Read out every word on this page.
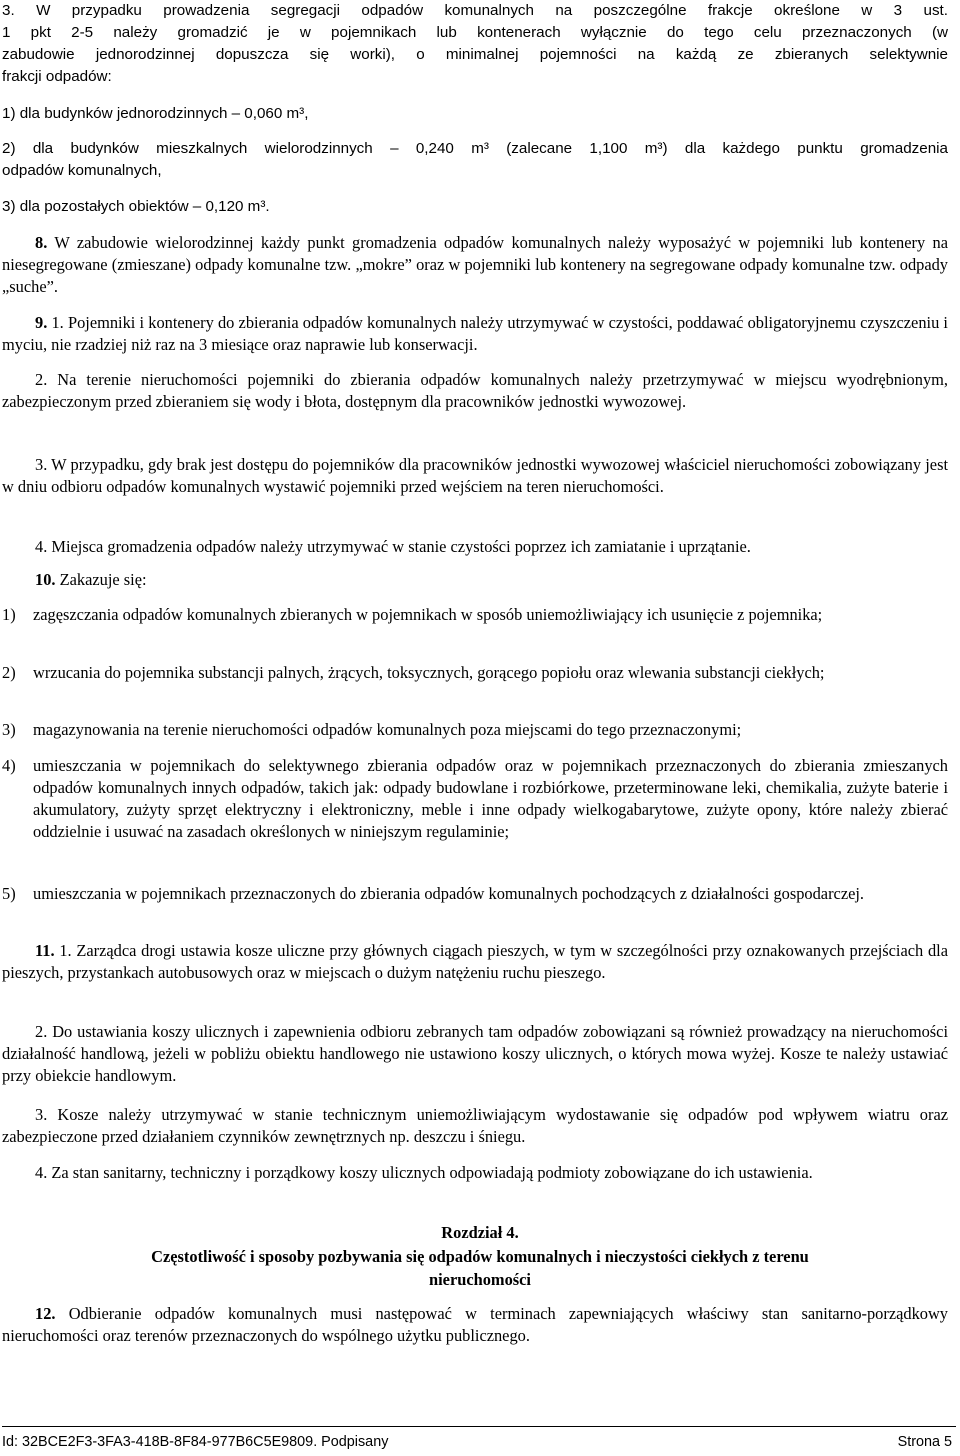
3. W przypadku prowadzenia segregacji odpadów komunalnych na poszczególne frakcje określone w 3 ust.
1 pkt 2-5 należy gromadzić je w pojemnikach lub kontenerach wyłącznie do tego celu przeznaczonych (w
zabudowie jednorodzinnej dopuszcza się worki), o minimalnej pojemności na każdą ze zbieranych selektywnie
frakcji odpadów:
1) dla budynków jednorodzinnych – 0,060 m³,
2) dla budynków mieszkalnych wielorodzinnych – 0,240 m³ (zalecane 1,100 m³) dla każdego punktu gromadzenia
odpadów komunalnych,
3) dla pozostałych obiektów – 0,120 m³.
8. W zabudowie wielorodzinnej każdy punkt gromadzenia odpadów komunalnych należy wyposażyć w pojemniki lub kontenery na niesegregowane (zmieszane) odpady komunalne tzw. „mokre” oraz w pojemniki lub kontenery na segregowane odpady komunalne tzw. odpady „suche”.
9. 1. Pojemniki i kontenery do zbierania odpadów komunalnych należy utrzymywać w czystości, poddawać obligatoryjnemu czyszczeniu i myciu, nie rzadziej niż raz na 3 miesiące oraz naprawie lub konserwacji.
2. Na terenie nieruchomości pojemniki do zbierania odpadów komunalnych należy przetrzymywać w miejscu wyodrębnionym, zabezpieczonym przed zbieraniem się wody i błota, dostępnym dla pracowników jednostki wywozowej.
3. W przypadku, gdy brak jest dostępu do pojemników dla pracowników jednostki wywozowej właściciel nieruchomości zobowiązany jest w dniu odbioru odpadów komunalnych wystawić pojemniki przed wejściem na teren nieruchomości.
4. Miejsca gromadzenia odpadów należy utrzymywać w stanie czystości poprzez ich zamiatanie i uprzątanie.
10. Zakazuje się:
1)	zagęszczania odpadów komunalnych zbieranych w pojemnikach w sposób uniemożliwiający ich usunięcie z pojemnika;
2)	wrzucania do pojemnika substancji palnych, żrących, toksycznych, gorącego popiołu oraz wlewania substancji ciekłych;
3)	magazynowania na terenie nieruchomości odpadów komunalnych poza miejscami do tego przeznaczonymi;
4)	umieszczania w pojemnikach do selektywnego zbierania odpadów oraz w pojemnikach przeznaczonych do zbierania zmieszanych odpadów komunalnych innych odpadów, takich jak: odpady budowlane i rozbiórkowe, przeterminowane leki, chemikalia, zużyte baterie i akumulatory, zużyty sprzęt elektryczny i elektroniczny, meble i inne odpady wielkogabarytowe, zużyte opony, które należy zbierać oddzielnie i usuwać na zasadach określonych w niniejszym regulaminie;
5)	umieszczania w pojemnikach przeznaczonych do zbierania odpadów komunalnych pochodzących z działalności gospodarczej.
11. 1. Zarządca drogi ustawia kosze uliczne przy głównych ciągach pieszych, w tym w szczególności przy oznakowanych przejściach dla pieszych, przystankach autobusowych oraz w miejscach o dużym natężeniu ruchu pieszego.
2. Do ustawiania koszy ulicznych i zapewnienia odbioru zebranych tam odpadów zobowiązani są również prowadzący na nieruchomości działalność handlową, jeżeli w pobliżu obiektu handlowego nie ustawiono koszy ulicznych, o których mowa wyżej. Kosze te należy ustawiać przy obiekcie handlowym.
3. Kosze należy utrzymywać w stanie technicznym uniemożliwiającym wydostawanie się odpadów pod wpływem wiatru oraz zabezpieczone przed działaniem czynników zewnętrznych np. deszczu i śniegu.
4. Za stan sanitarny, techniczny i porządkowy koszy ulicznych odpowiadają podmioty zobowiązane do ich ustawienia.
Rozdział 4.
Częstotliwość i sposoby pozbywania się odpadów komunalnych i nieczystości ciekłych z terenu
nieruchomości
12. Odbieranie odpadów komunalnych musi następować w terminach zapewniających właściwy stan sanitarno-porządkowy nieruchomości oraz terenów przeznaczonych do wspólnego użytku publicznego.
Id: 32BCE2F3-3FA3-418B-8F84-977B6C5E9809. Podpisany	Strona 5
